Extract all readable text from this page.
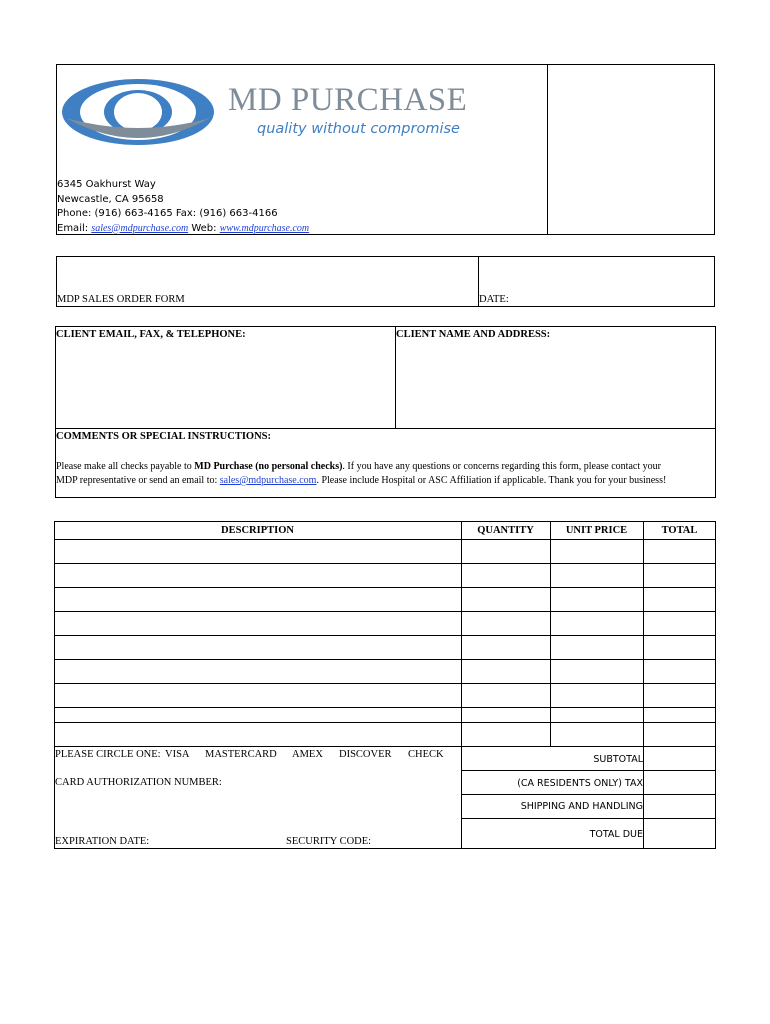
MD PURCHASE
quality without compromise
6345 Oakhurst Way
Newcastle, CA 95658
Phone: (916) 663-4165 Fax: (916) 663-4166
Email: sales@mdpurchase.com Web: www.mdpurchase.com
MDP SALES ORDER FORM	DATE:
CLIENT EMAIL, FAX, & TELEPHONE:	CLIENT NAME AND ADDRESS:
COMMENTS OR SPECIAL INSTRUCTIONS:
Please make all checks payable to MD Purchase (no personal checks). If you have any questions or concerns regarding this form, please contact your
MDP representative or send an email to: sales@mdpurchase.com. Please include Hospital or ASC Affiliation if applicable. Thank you for your business!
DESCRIPTION	QUANTITY	UNIT PRICE	TOTAL
PLEASE CIRCLE ONE: VISA MASTERCARD AMEX DISCOVER CHECK
CARD AUTHORIZATION NUMBER:
EXPIRATION DATE:	SECURITY CODE:
SUBTOTAL
(CA RESIDENTS ONLY) TAX
SHIPPING AND HANDLING
TOTAL DUE
